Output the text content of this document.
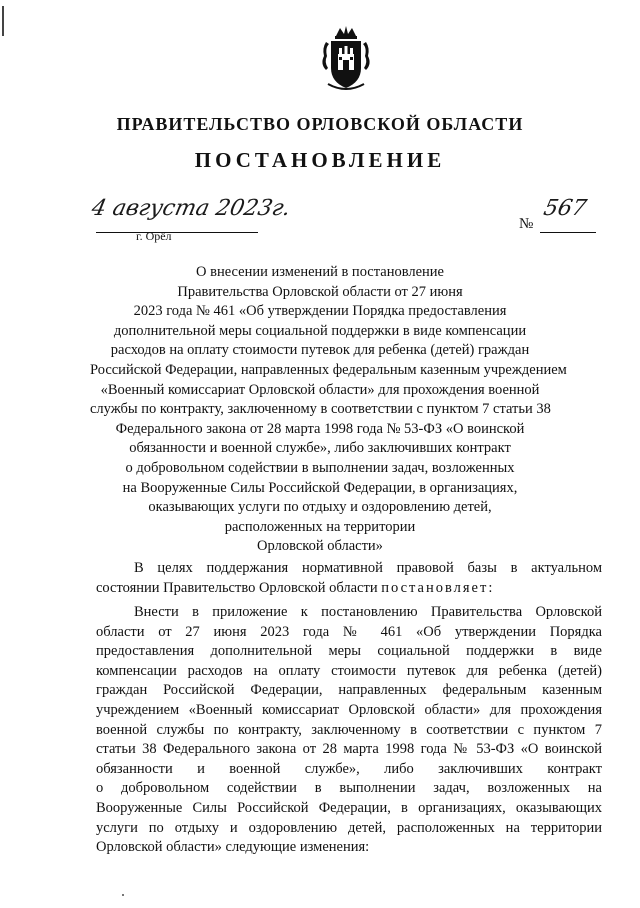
ПРАВИТЕЛЬСТВО ОРЛОВСКОЙ ОБЛАСТИ
ПОСТАНОВЛЕНИЕ
4 августа 2023г.
г. Орёл
№
567
О внесении изменений в постановление
Правительства Орловской области от 27 июня
2023 года № 461 «Об утверждении Порядка предоставления
дополнительной меры социальной поддержки в виде компенсации
расходов на оплату стоимости путевок для ребенка (детей) граждан
Российской Федерации, направленных федеральным казенным учреждением
«Военный комиссариат Орловской области» для прохождения военной
службы по контракту, заключенному в соответствии с пунктом 7 статьи 38
Федерального закона от 28 марта 1998 года № 53-ФЗ «О воинской
обязанности и военной службе», либо заключивших контракт
о добровольном содействии в выполнении задач, возложенных
на Вооруженные Силы Российской Федерации, в организациях,
оказывающих услуги по отдыху и оздоровлению детей,
расположенных на территории
Орловской области»
В целях поддержания нормативной правовой базы в актуальном
состоянии Правительство Орловской области постановляет:
Внести в приложение к постановлению Правительства Орловской
области от 27 июня 2023 года № 461 «Об утверждении Порядка
предоставления дополнительной меры социальной поддержки в виде
компенсации расходов на оплату стоимости путевок для ребенка (детей)
граждан Российской Федерации, направленных федеральным казенным
учреждением «Военный комиссариат Орловской области» для прохождения
военной службы по контракту, заключенному в соответствии с пунктом 7
статьи 38 Федерального закона от 28 марта 1998 года № 53-ФЗ «О воинской
обязанности и военной службе», либо заключивших контракт
о добровольном содействии в выполнении задач, возложенных на
Вооруженные Силы Российской Федерации, в организациях, оказывающих
услуги по отдыху и оздоровлению детей, расположенных на территории
Орловской области» следующие изменения:
